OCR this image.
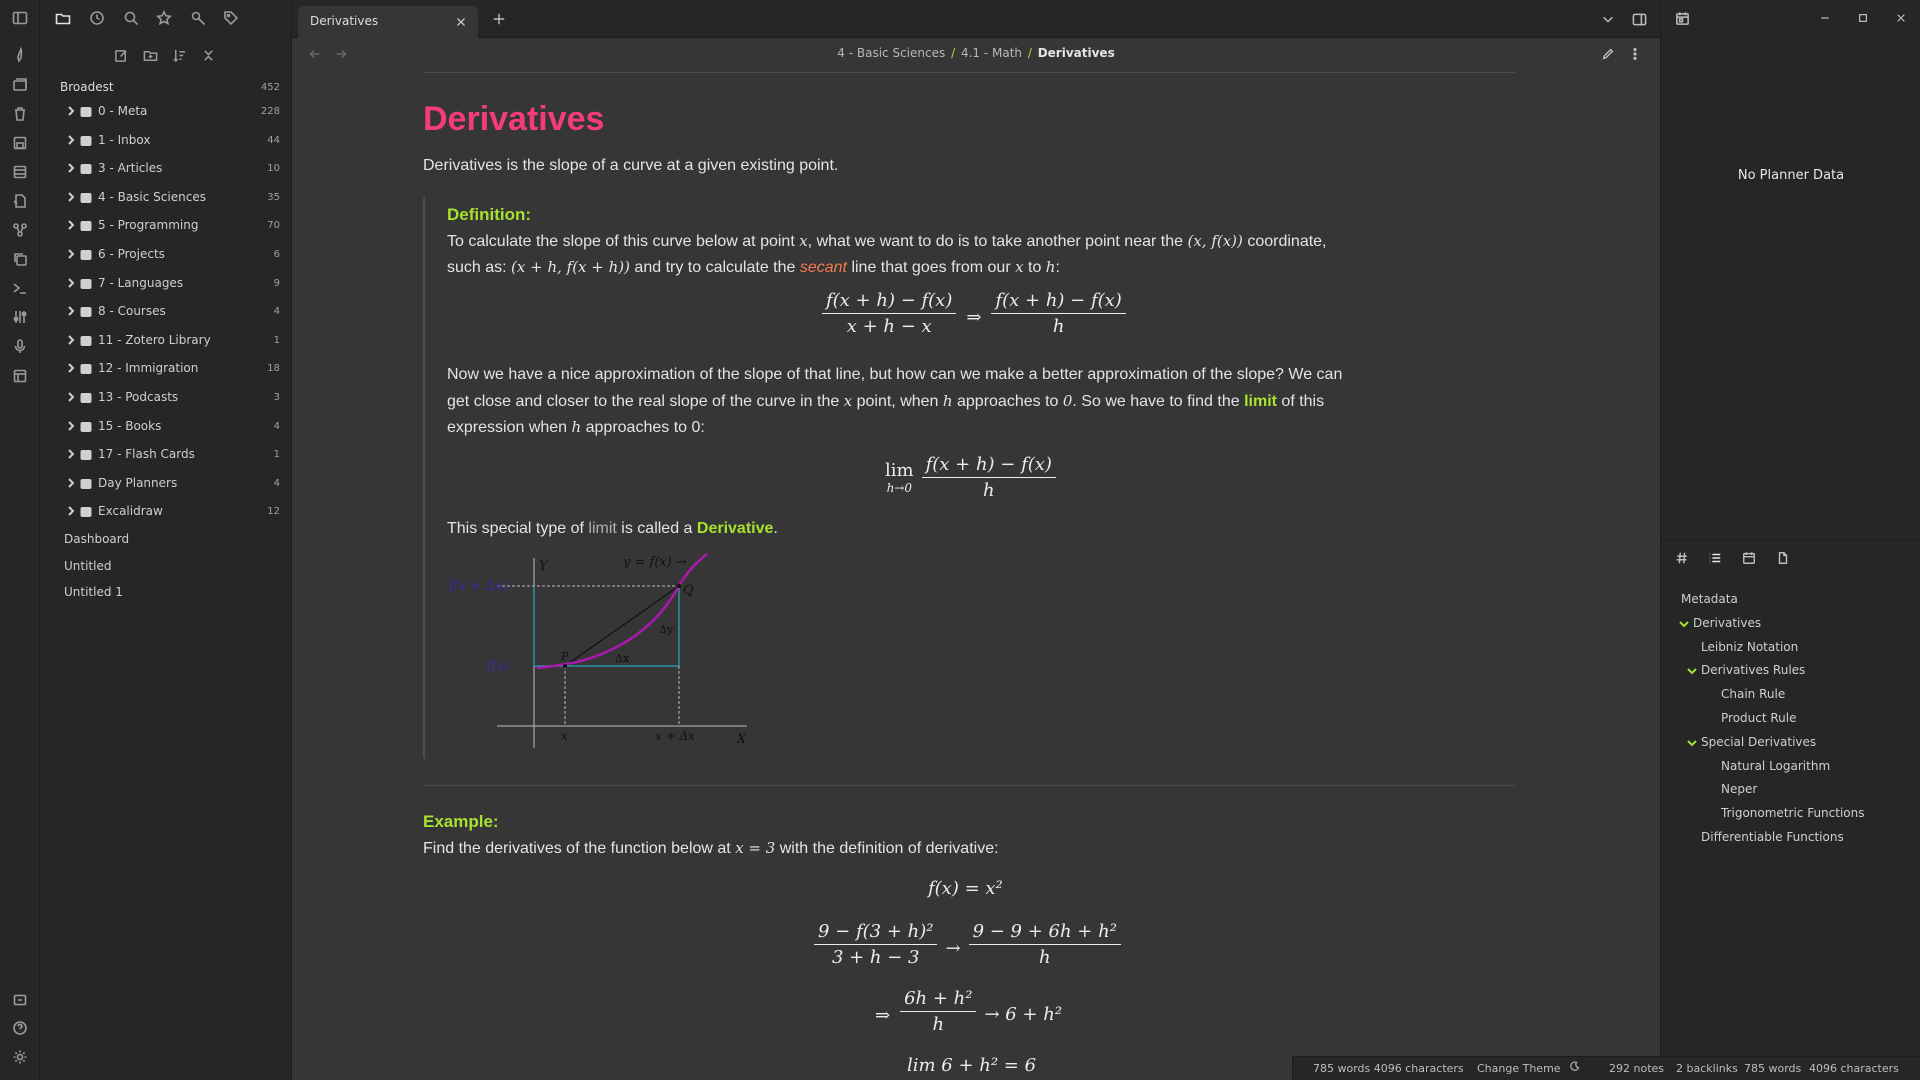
Broadest	452
0 - Meta	228
1 - Inbox	44
3 - Articles	10
4 - Basic Sciences	35
5 - Programming	70
6 - Projects	6
7 - Languages	9
8 - Courses	4
11 - Zotero Library	1
12 - Immigration	18
13 - Podcasts	3
15 - Books	4
17 - Flash Cards	1
Day Planners	4
Excalidraw	12
Dashboard
Untitled
Untitled 1
Derivatives
4 - Basic Sciences / 4.1 - Math / Derivatives
Derivatives
Derivatives is the slope of a curve at a given existing point.
Definition:
To calculate the slope of this curve below at point x, what we want to do is to take another point near the (x, f(x)) coordinate,
such as: (x + h, f(x + h)) and try to calculate the secant line that goes from our x to h:
$\frac{f(x + h) - f(x)}{x + h - x}$ ⇒ $\frac{f(x + h) - f(x)}{h}$
Now we have a nice approximation of the slope of that line, but how can we make a better approximation of the slope? We can
get close and closer to the real slope of the curve in the x point, when h approaches to 0. So we have to find the limit of this
expression when h approaches to 0:
lim
$h\to 0 \frac{f(x + h) - f(x)}{h}$
This special type of limit is called a Derivative.
Y
X
y = f(x) →
f(x + Δx)
f(x)
Q
P
Δy
Δx
x	x + Δx
Example:
Find the derivatives of the function below at x = 3 with the definition of derivative:
f(x) = x²
$\frac{\text{9 − f(3 + h)²}}{3 + h - 3} \to \frac{\text{9 − 9 + 6h + h²}}{h}$
⇒ $\frac{\text{6h + h²}}{h} \to 6 + h^2$
lim 6 + h² = 6
No Planner Data
Metadata
Derivatives
Leibniz Notation
Derivatives Rules
Chain Rule
Product Rule
Special Derivatives
Natural Logarithm
Neper
Trigonometric Functions
Differentiable Functions
785 words 4096 characters Change Theme	292 notes 2 backlinks 785 words 4096 characters
